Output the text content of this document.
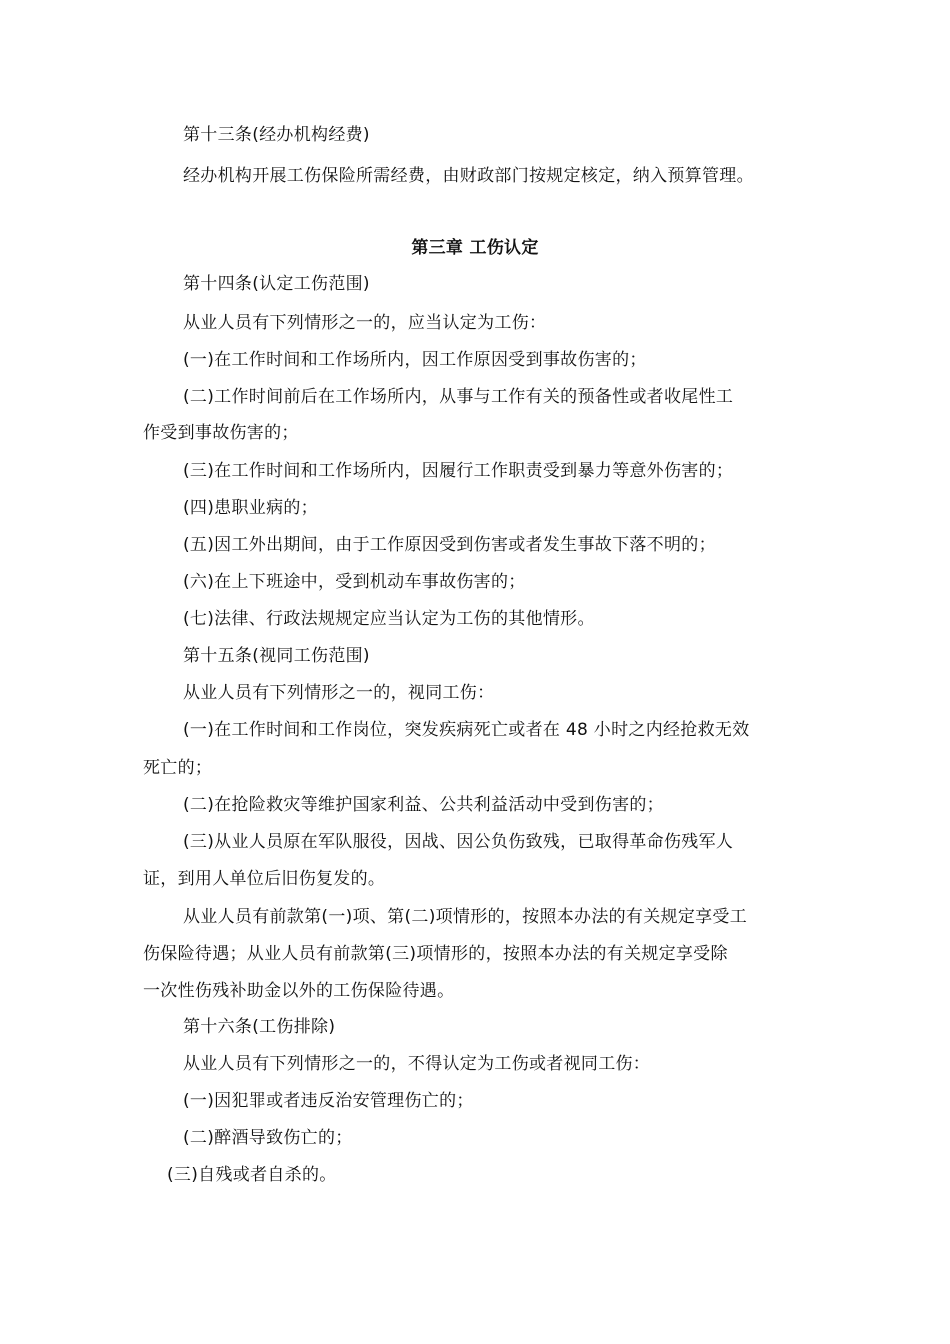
第十三条(经办机构经费)
经办机构开展工伤保险所需经费，由财政部门按规定核定，纳入预算管理。
第三章 工伤认定
第十四条(认定工伤范围)
从业人员有下列情形之一的，应当认定为工伤：
(一)在工作时间和工作场所内，因工作原因受到事故伤害的；
(二)工作时间前后在工作场所内，从事与工作有关的预备性或者收尾性工
作受到事故伤害的；
(三)在工作时间和工作场所内，因履行工作职责受到暴力等意外伤害的；
(四)患职业病的；
(五)因工外出期间，由于工作原因受到伤害或者发生事故下落不明的；
(六)在上下班途中，受到机动车事故伤害的；
(七)法律、行政法规规定应当认定为工伤的其他情形。
第十五条(视同工伤范围)
从业人员有下列情形之一的，视同工伤：
(一)在工作时间和工作岗位，突发疾病死亡或者在 48 小时之内经抢救无效
死亡的；
(二)在抢险救灾等维护国家利益、公共利益活动中受到伤害的；
(三)从业人员原在军队服役，因战、因公负伤致残，已取得革命伤残军人
证，到用人单位后旧伤复发的。
从业人员有前款第(一)项、第(二)项情形的，按照本办法的有关规定享受工
伤保险待遇；从业人员有前款第(三)项情形的，按照本办法的有关规定享受除
一次性伤残补助金以外的工伤保险待遇。
第十六条(工伤排除)
从业人员有下列情形之一的，不得认定为工伤或者视同工伤：
(一)因犯罪或者违反治安管理伤亡的；
(二)醉酒导致伤亡的；
(三)自残或者自杀的。
